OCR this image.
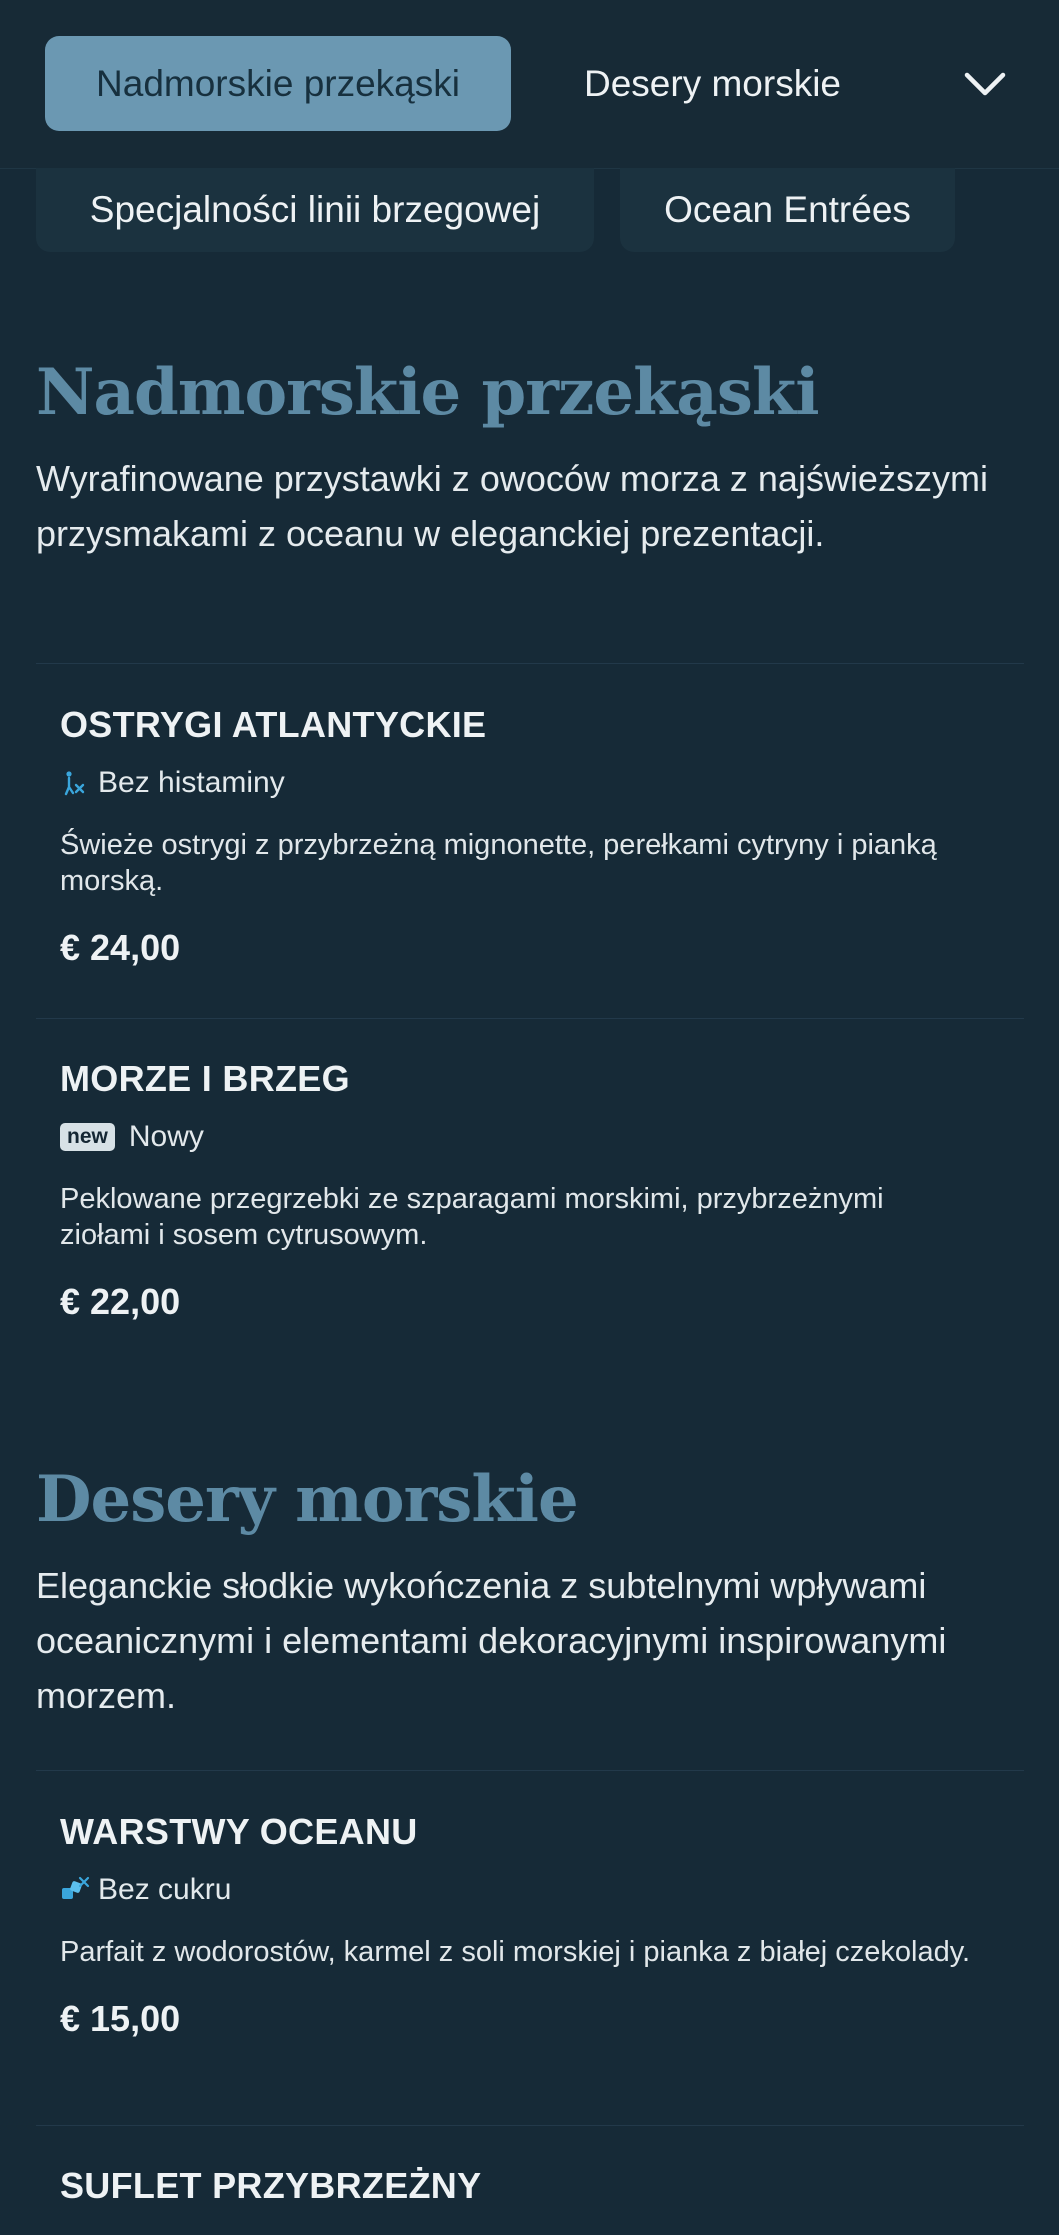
Nadmorskie przekąski	Desery morskie
Specjalności linii brzegowej	Ocean Entrées
Nadmorskie przekąski
Wyrafinowane przystawki z owoców morza z najświeższymi przysmakami z oceanu w eleganckiej prezentacji.
OSTRYGI ATLANTYCKIE
Bez histaminy
Świeże ostrygi z przybrzeżną mignonette, perełkami cytryny i pianką morską.
€ 24,00
MORZE I BRZEG
new Nowy
Peklowane przegrzebki ze szparagami morskimi, przybrzeżnymi ziołami i sosem cytrusowym.
€ 22,00
Desery morskie
Eleganckie słodkie wykończenia z subtelnymi wpływami oceanicznymi i elementami dekoracyjnymi inspirowanymi morzem.
WARSTWY OCEANU
Bez cukru
Parfait z wodorostów, karmel z soli morskiej i pianka z białej czekolady.
€ 15,00
SUFLET PRZYBRZEŻNY
